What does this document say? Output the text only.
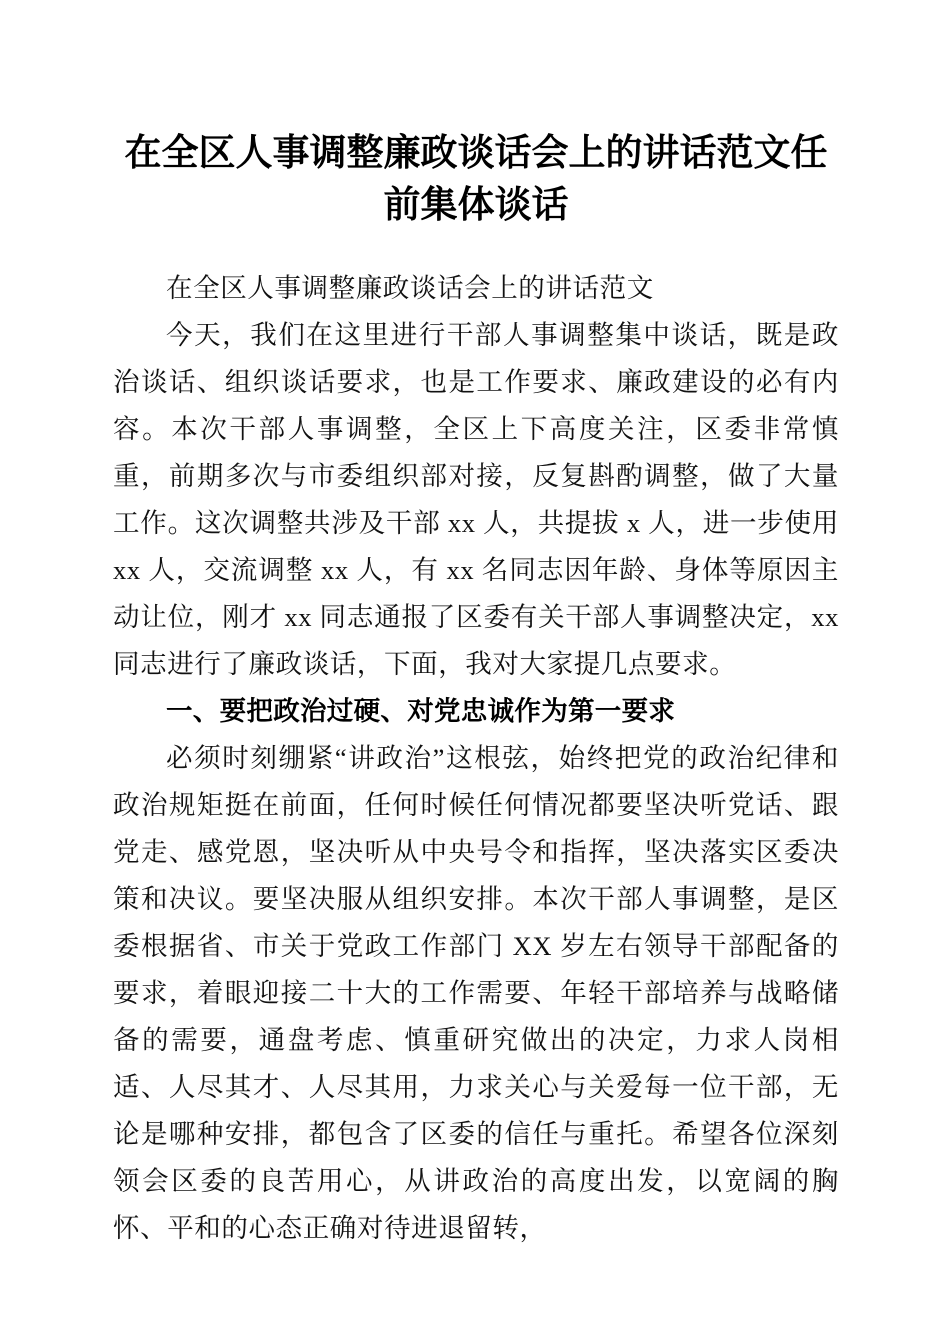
在全区人事调整廉政谈话会上的讲话范文任前集体谈话

在全区人事调整廉政谈话会上的讲话范文

今天，我们在这里进行干部人事调整集中谈话，既是政治谈话、组织谈话要求，也是工作要求、廉政建设的必有内容。本次干部人事调整，全区上下高度关注，区委非常慎重，前期多次与市委组织部对接，反复斟酌调整，做了大量工作。这次调整共涉及干部 xx 人，共提拔 x 人，进一步使用 xx 人，交流调整 xx 人，有 xx 名同志因年龄、身体等原因主动让位，刚才 xx 同志通报了区委有关干部人事调整决定，xx 同志进行了廉政谈话，下面，我对大家提几点要求。

一、要把政治过硬、对党忠诚作为第一要求

必须时刻绷紧“讲政治”这根弦，始终把党的政治纪律和政治规矩挺在前面，任何时候任何情况都要坚决听党话、跟党走、感党恩，坚决听从中央号令和指挥，坚决落实区委决策和决议。要坚决服从组织安排。本次干部人事调整，是区委根据省、市关于党政工作部门 XX 岁左右领导干部配备的要求，着眼迎接二十大的工作需要、年轻干部培养与战略储备的需要，通盘考虑、慎重研究做出的决定，力求人岗相适、人尽其才、人尽其用，力求关心与关爱每一位干部，无论是哪种安排，都包含了区委的信任与重托。希望各位深刻领会区委的良苦用心，从讲政治的高度出发，以宽阔的胸怀、平和的心态正确对待进退留转，
